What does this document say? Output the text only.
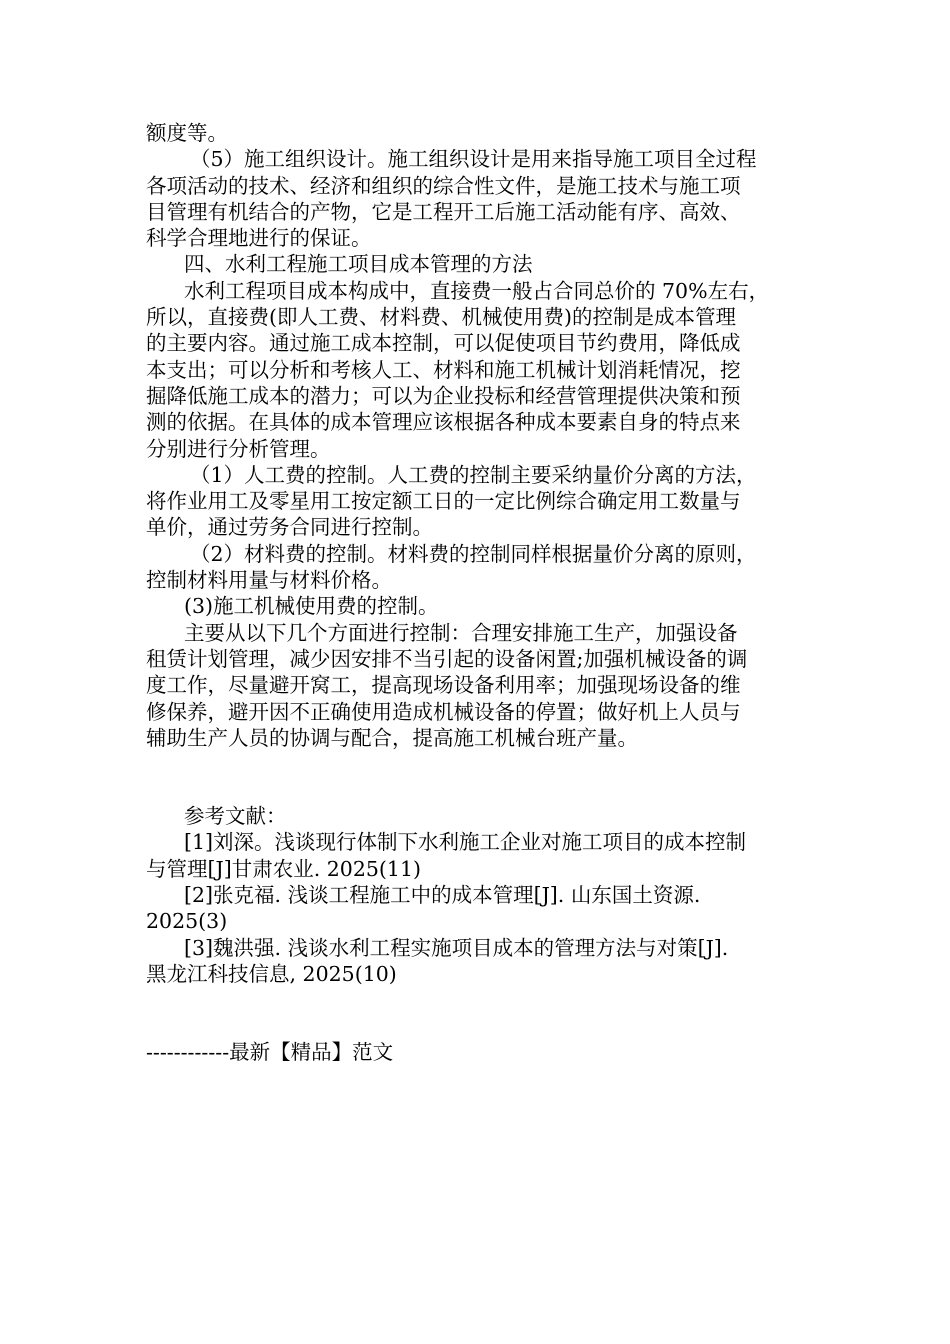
额度等。
（5）施工组织设计。施工组织设计是用来指导施工项目全过程
各项活动的技术、经济和组织的综合性文件，是施工技术与施工项
目管理有机结合的产物，它是工程开工后施工活动能有序、高效、
科学合理地进行的保证。
四、水利工程施工项目成本管理的方法
水利工程项目成本构成中，直接费一般占合同总价的 70%左右，
所以，直接费(即人工费、材料费、机械使用费)的控制是成本管理
的主要内容。通过施工成本控制，可以促使项目节约费用，降低成
本支出；可以分析和考核人工、材料和施工机械计划消耗情况，挖
掘降低施工成本的潜力；可以为企业投标和经营管理提供决策和预
测的依据。在具体的成本管理应该根据各种成本要素自身的特点来
分别进行分析管理。
（1）人工费的控制。人工费的控制主要采纳量价分离的方法，
将作业用工及零星用工按定额工日的一定比例综合确定用工数量与
单价，通过劳务合同进行控制。
（2）材料费的控制。材料费的控制同样根据量价分离的原则，
控制材料用量与材料价格。
(3)施工机械使用费的控制。
主要从以下几个方面进行控制：合理安排施工生产，加强设备
租赁计划管理，减少因安排不当引起的设备闲置;加强机械设备的调
度工作，尽量避开窝工，提高现场设备利用率；加强现场设备的维
修保养，避开因不正确使用造成机械设备的停置；做好机上人员与
辅助生产人员的协调与配合，提高施工机械台班产量。
参考文献：
[1]刘深。浅谈现行体制下水利施工企业对施工项目的成本控制
与管理[J]甘肃农业. 2025(11)
[2]张克福. 浅谈工程施工中的成本管理[J]. 山东国土资源.
2025(3)
[3]魏洪强. 浅谈水利工程实施项目成本的管理方法与对策[J].
黑龙江科技信息, 2025(10)
------------最新【精品】范文
